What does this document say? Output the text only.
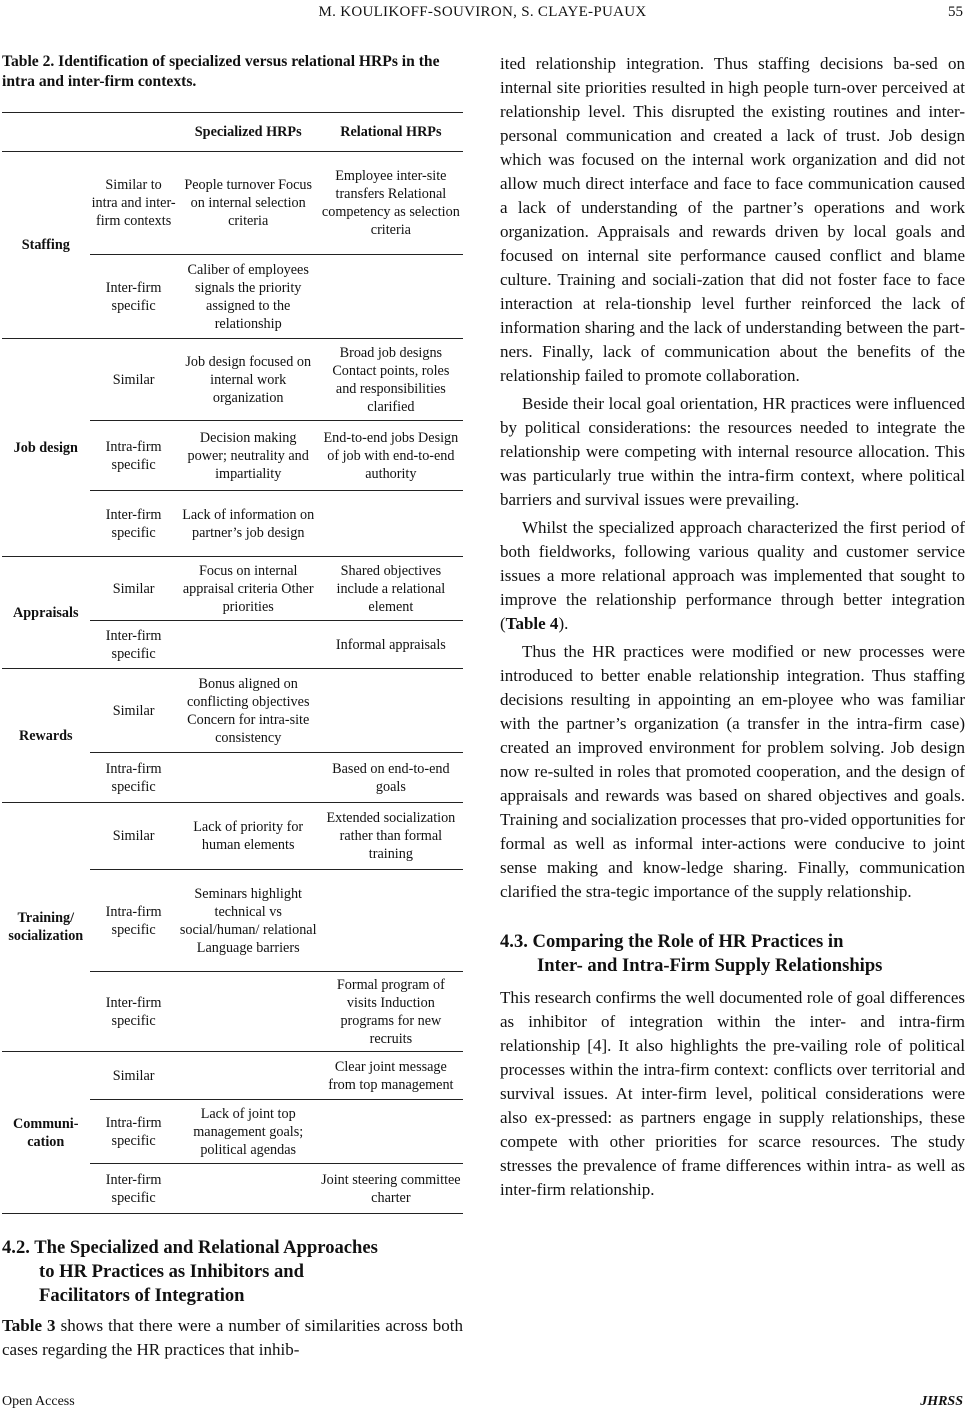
M. KOULIKOFF-SOUVIRON, S. CLAYE-PUAUX	55
Table 2. Identification of specialized versus relational HRPs in the intra and inter-firm contexts.
		Specialized HRPs	Relational HRPs
Staffing	Similar to intra and inter-firm contexts	People turnover Focus on internal selection criteria	Employee inter-site transfers Relational competency as selection criteria
	Inter-firm specific	Caliber of employees signals the priority assigned to the relationship	
Job design	Similar	Job design focused on internal work organization	Broad job designs Contact points, roles and responsibilities clarified
	Intra-firm specific	Decision making power; neutrality and impartiality	End-to-end jobs Design of job with end-to-end authority
	Inter-firm specific	Lack of information on partner’s job design	
Appraisals	Similar	Focus on internal appraisal criteria Other priorities	Shared objectives include a relational element
	Inter-firm specific		Informal appraisals
Rewards	Similar	Bonus aligned on conflicting objectives Concern for intra-site consistency	
	Intra-firm specific		Based on end-to-end goals
Training/ socialization	Similar	Lack of priority for human elements	Extended socialization rather than formal training
	Intra-firm specific	Seminars highlight technical vs social/human/ relational Language barriers	
	Inter-firm specific		Formal program of visits Induction programs for new recruits
Communi- cation	Similar		Clear joint message from top management
	Intra-firm specific	Lack of joint top management goals; political agendas	
	Inter-firm specific		Joint steering committee charter
4.2. The Specialized and Relational Approaches
to HR Practices as Inhibitors and
Facilitators of Integration

Table 3 shows that there were a number of similarities across both cases regarding the HR practices that inhib-

ited relationship integration. Thus staffing decisions ba-sed on internal site priorities resulted in high people turn-over perceived at relationship level. This disrupted the existing routines and inter-personal communication and created a lack of trust. Job design which was focused on the internal work organization and did not allow much direct interface and face to face communication caused a lack of understanding of the partner’s operations and work organization. Appraisals and rewards driven by local goals and focused on internal site performance caused conflict and blame culture. Training and sociali-zation that did not foster face to face interaction at rela-tionship level further reinforced the lack of information sharing and the lack of understanding between the part-ners. Finally, lack of communication about the benefits of the relationship failed to promote collaboration.

Beside their local goal orientation, HR practices were influenced by political considerations: the resources needed to integrate the relationship were competing with internal resource allocation. This was particularly true within the intra-firm context, where political barriers and survival issues were prevailing.

Whilst the specialized approach characterized the first period of both fieldworks, following various quality and customer service issues a more relational approach was implemented that sought to improve the relationship performance through better integration (Table 4).

Thus the HR practices were modified or new processes were introduced to better enable relationship integration. Thus staffing decisions resulting in appointing an em-ployee who was familiar with the partner’s organization (a transfer in the intra-firm case) created an improved environment for problem solving. Job design now re-sulted in roles that promoted cooperation, and the design of appraisals and rewards was based on shared objectives and goals. Training and socialization processes that pro-vided opportunities for formal as well as informal inter-actions were conducive to joint sense making and know-ledge sharing. Finally, communication clarified the stra-tegic importance of the supply relationship.

4.3. Comparing the Role of HR Practices in
Inter- and Intra-Firm Supply Relationships

This research confirms the well documented role of goal differences as inhibitor of integration within the inter- and intra-firm relationship [4]. It also highlights the pre-vailing role of political processes within the intra-firm context: conflicts over territorial and survival issues. At inter-firm level, political considerations were also ex-pressed: as partners engage in supply relationships, these compete with other priorities for scarce resources. The study stresses the prevalence of frame differences within intra- as well as inter-firm relationship.

Open Access	JHRSS
